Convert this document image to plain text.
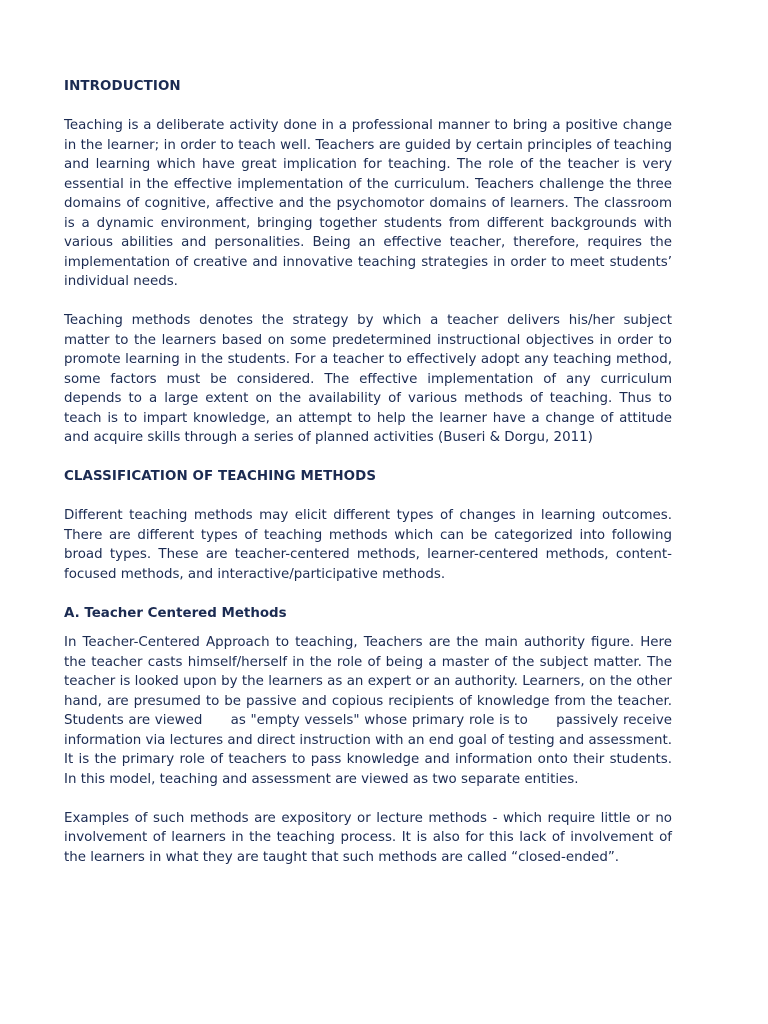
INTRODUCTION

Teaching is a deliberate activity done in a professional manner to bring a positive change in the learner; in order to teach well. Teachers are guided by certain principles of teaching and learning which have great implication for teaching. The role of the teacher is very essential in the effective implementation of the curriculum. Teachers challenge the three domains of cognitive, affective and the psychomotor domains of learners. The classroom is a dynamic environment, bringing together students from different backgrounds with various abilities and personalities. Being an effective teacher, therefore, requires the implementation of creative and innovative teaching strategies in order to meet students’ individual needs.

Teaching methods denotes the strategy by which a teacher delivers his/her subject matter to the learners based on some predetermined instructional objectives in order to promote learning in the students. For a teacher to effectively adopt any teaching method, some factors must be considered. The effective implementation of any curriculum depends to a large extent on the availability of various methods of teaching. Thus to teach is to impart knowledge, an attempt to help the learner have a change of attitude and acquire skills through a series of planned activities (Buseri & Dorgu, 2011)

CLASSIFICATION OF TEACHING METHODS

Different teaching methods may elicit different types of changes in learning outcomes. There are different types of teaching methods which can be categorized into following broad types. These are teacher-centered methods, learner-centered methods, content-focused methods, and interactive/participative methods.

A. Teacher Centered Methods

In Teacher-Centered Approach to teaching, Teachers are the main authority figure. Here the teacher casts himself/herself in the role of being a master of the subject matter. The teacher is looked upon by the learners as an expert or an authority. Learners, on the other hand, are presumed to be passive and copious recipients of knowledge from the teacher. Students are viewed      as "empty vessels" whose primary role is to      passively receive information via lectures and direct instruction with an end goal of testing and assessment. It is the primary role of teachers to pass knowledge and information onto their students. In this model, teaching and assessment are viewed as two separate entities.

Examples of such methods are expository or lecture methods - which require little or no involvement of learners in the teaching process. It is also for this lack of involvement of the learners in what they are taught that such methods are called “closed-ended”.
